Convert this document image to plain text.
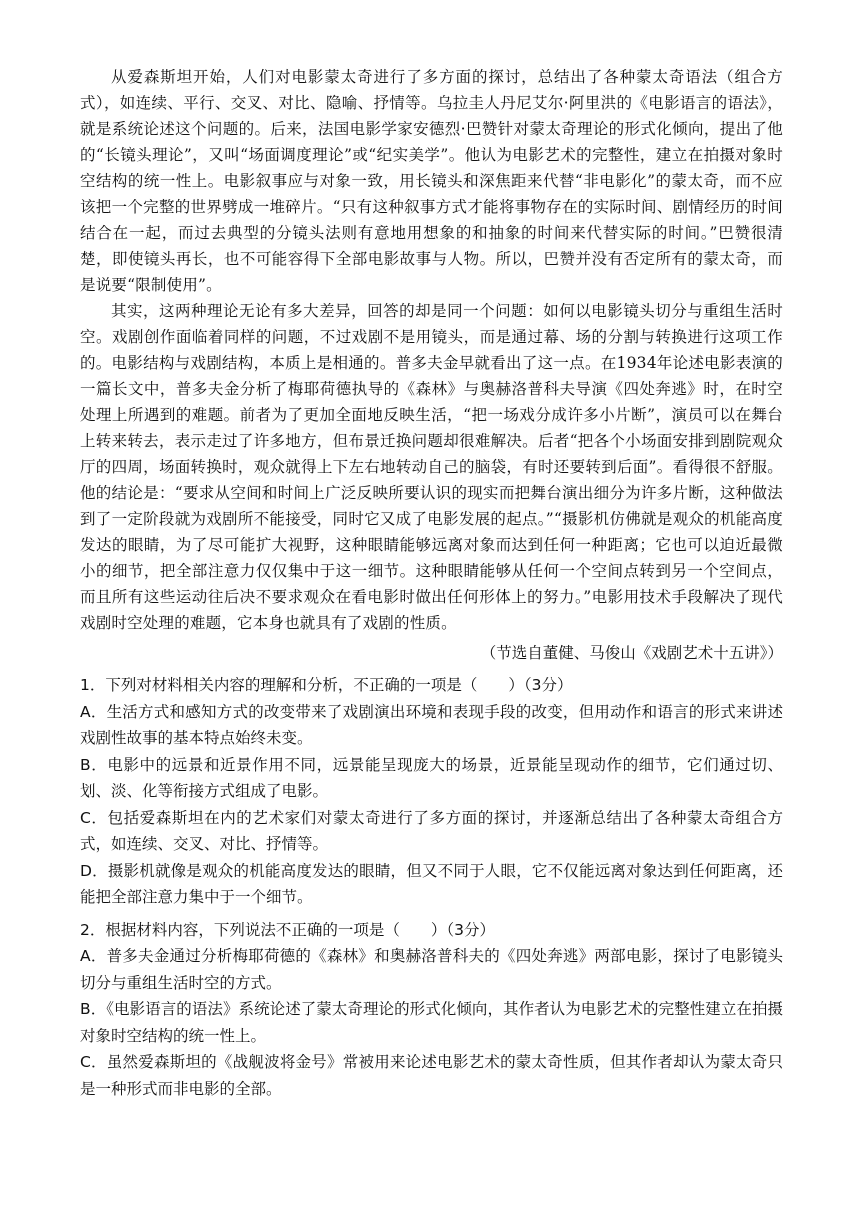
从爱森斯坦开始，人们对电影蒙太奇进行了多方面的探讨，总结出了各种蒙太奇语法（组合方式），如连续、平行、交叉、对比、隐喻、抒情等。乌拉圭人丹尼艾尔·阿里洪的《电影语言的语法》，就是系统论述这个问题的。后来，法国电影学家安德烈·巴赞针对蒙太奇理论的形式化倾向，提出了他的“长镜头理论”，又叫“场面调度理论”或“纪实美学”。他认为电影艺术的完整性，建立在拍摄对象时空结构的统一性上。电影叙事应与对象一致，用长镜头和深焦距来代替“非电影化”的蒙太奇，而不应该把一个完整的世界劈成一堆碎片。“只有这种叙事方式才能将事物存在的实际时间、剧情经历的时间结合在一起，而过去典型的分镜头法则有意地用想象的和抽象的时间来代替实际的时间。”巴赞很清楚，即使镜头再长，也不可能容得下全部电影故事与人物。所以，巴赞并没有否定所有的蒙太奇，而是说要“限制使用”。

其实，这两种理论无论有多大差异，回答的却是同一个问题：如何以电影镜头切分与重组生活时空。戏剧创作面临着同样的问题，不过戏剧不是用镜头，而是通过幕、场的分割与转换进行这项工作的。电影结构与戏剧结构，本质上是相通的。普多夫金早就看出了这一点。在1934年论述电影表演的一篇长文中，普多夫金分析了梅耶荷德执导的《森林》与奥赫洛普科夫导演《四处奔逃》时，在时空处理上所遇到的难题。前者为了更加全面地反映生活，“把一场戏分成许多小片断”，演员可以在舞台上转来转去，表示走过了许多地方，但布景迁换问题却很难解决。后者“把各个小场面安排到剧院观众厅的四周，场面转换时，观众就得上下左右地转动自己的脑袋，有时还要转到后面”。看得很不舒服。他的结论是：“要求从空间和时间上广泛反映所要认识的现实而把舞台演出细分为许多片断，这种做法到了一定阶段就为戏剧所不能接受，同时它又成了电影发展的起点。”“摄影机仿佛就是观众的机能高度发达的眼睛，为了尽可能扩大视野，这种眼睛能够远离对象而达到任何一种距离；它也可以迫近最微小的细节，把全部注意力仅仅集中于这一细节。这种眼睛能够从任何一个空间点转到另一个空间点，而且所有这些运动往后决不要求观众在看电影时做出任何形体上的努力。”电影用技术手段解决了现代戏剧时空处理的难题，它本身也就具有了戏剧的性质。

（节选自董健、马俊山《戏剧艺术十五讲》）

1．下列对材料相关内容的理解和分析，不正确的一项是（　　）（3分）

A．生活方式和感知方式的改变带来了戏剧演出环境和表现手段的改变，但用动作和语言的形式来讲述戏剧性故事的基本特点始终未变。

B．电影中的远景和近景作用不同，远景能呈现庞大的场景，近景能呈现动作的细节，它们通过切、划、淡、化等衔接方式组成了电影。

C．包括爱森斯坦在内的艺术家们对蒙太奇进行了多方面的探讨，并逐渐总结出了各种蒙太奇组合方式，如连续、交叉、对比、抒情等。

D．摄影机就像是观众的机能高度发达的眼睛，但又不同于人眼，它不仅能远离对象达到任何距离，还能把全部注意力集中于一个细节。

2．根据材料内容，下列说法不正确的一项是（　　）（3分）

A．普多夫金通过分析梅耶荷德的《森林》和奥赫洛普科夫的《四处奔逃》两部电影，探讨了电影镜头切分与重组生活时空的方式。

B．《电影语言的语法》系统论述了蒙太奇理论的形式化倾向，其作者认为电影艺术的完整性建立在拍摄对象时空结构的统一性上。

C．虽然爱森斯坦的《战舰波将金号》常被用来论述电影艺术的蒙太奇性质，但其作者却认为蒙太奇只是一种形式而非电影的全部。
